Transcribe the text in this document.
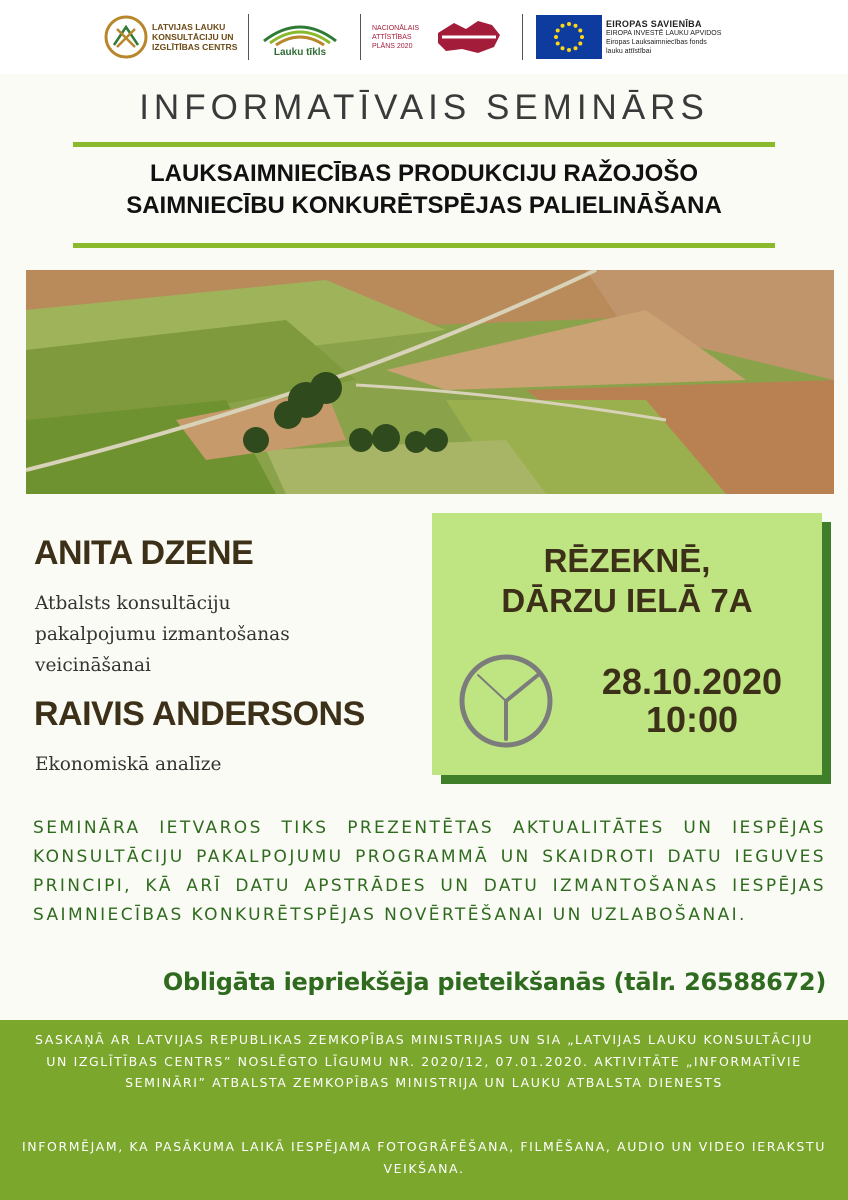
LATVIJAS LAUKU KONSULTĀCIJU UN IZGLĪTĪBAS CENTRS	Lauku tīkls
NACIONĀLAIS ATTĪSTĪBAS PLĀNS 2020
EIROPAS SAVIENĪBA
EIROPA INVESTĒ LAUKU APVIDOS
Eiropas Lauksaimniecības fonds
lauku attīstībai
INFORMATĪVAIS SEMINĀRS
LAUKSAIMNIECĪBAS PRODUKCIJU RAŽOJOŠO
SAIMNIECĪBU KONKURĒTSPĒJAS PALIELINĀŠANA
ANITA DZENE
Atbalsts konsultāciju
pakalpojumu izmantošanas
veicināšanai
RAIVIS ANDERSONS
Ekonomiskā analīze
RĒZEKNĒ,
DĀRZU IELĀ 7A
28.10.2020
10:00
SEMINĀRA IETVAROS TIKS PREZENTĒTAS AKTUALITĀTES UN IESPĒJAS KONSULTĀCIJU PAKALPOJUMU PROGRAMMĀ UN SKAIDROTI DATU IEGUVES PRINCIPI, KĀ ARĪ DATU APSTRĀDES UN DATU IZMANTOŠANAS IESPĒJAS SAIMNIECĪBAS KONKURĒTSPĒJAS NOVĒRTĒŠANAI UN UZLABOŠANAI.
Obligāta iepriekšēja pieteikšanās (tālr. 26588672)

SASKAŅĀ AR LATVIJAS REPUBLIKAS ZEMKOPĪBAS MINISTRIJAS UN SIA „LATVIJAS LAUKU KONSULTĀCIJU UN IZGLĪTĪBAS CENTRS” NOSLĒGTO LĪGUMU NR. 2020/12, 07.01.2020. AKTIVITĀTE „INFORMATĪVIE SEMINĀRI” ATBALSTA ZEMKOPĪBAS MINISTRIJA UN LAUKU ATBALSTA DIENESTS

INFORMĒJAM, KA PASĀKUMA LAIKĀ IESPĒJAMA FOTOGRĀFĒŠANA, FILMĒŠANA, AUDIO UN VIDEO IERAKSTU VEIKŠANA.
